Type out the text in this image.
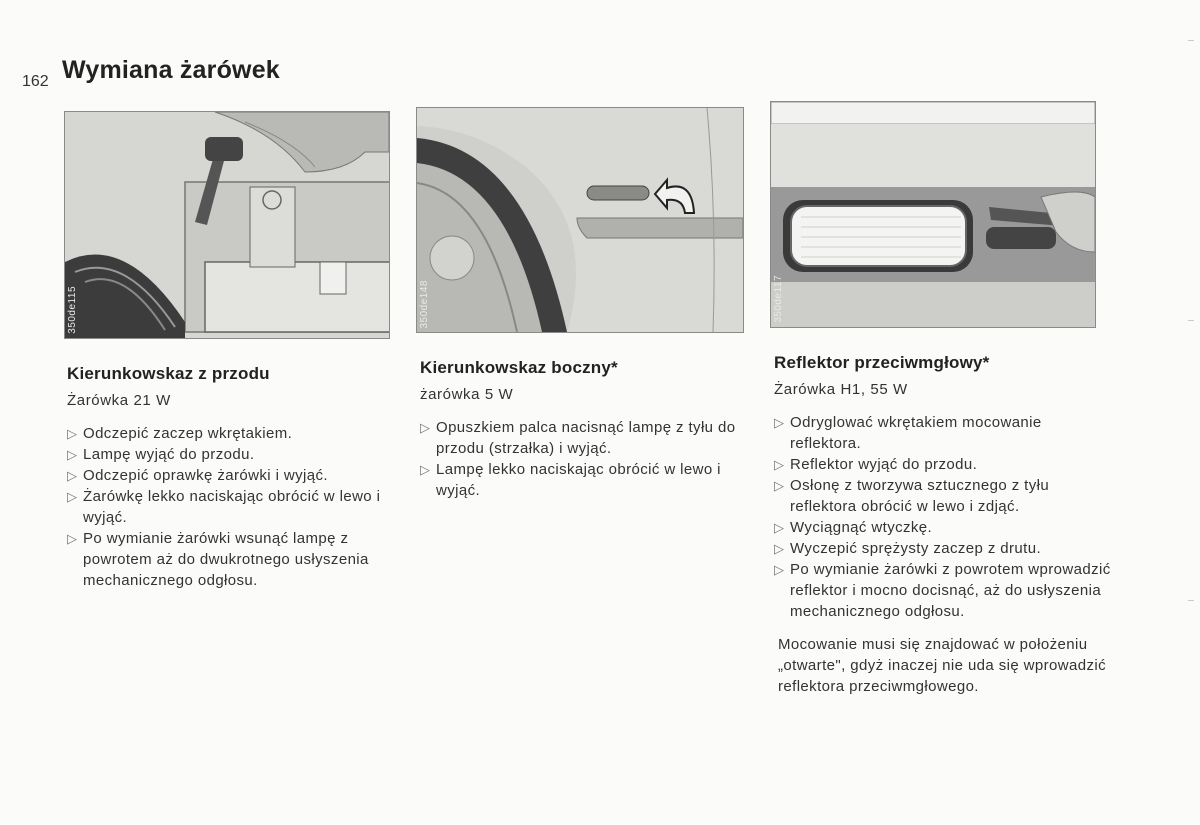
162 Wymiana żarówek
350de115	350de148	350de117
Kierunkowskaz z przodu

Żarówka 21 W

▷ Odczepić zaczep wkrętakiem.
▷ Lampę wyjąć do przodu.
▷ Odczepić oprawkę żarówki i wyjąć.
▷ Żarówkę lekko naciskając obrócić w lewo i wyjąć.
▷ Po wymianie żarówki wsunąć lampę z powrotem aż do dwukrotnego usłyszenia mechanicznego odgłosu.
Kierunkowskaz boczny*

żarówka 5 W

▷ Opuszkiem palca nacisnąć lampę z tyłu do przodu (strzałka) i wyjąć.
▷ Lampę lekko naciskając obrócić w lewo i wyjąć.
Reflektor przeciwmgłowy*

Żarówka H1, 55 W

▷ Odryglować wkrętakiem mocowanie reflektora.
▷ Reflektor wyjąć do przodu.
▷ Osłonę z tworzywa sztucznego z tyłu reflektora obrócić w lewo i zdjąć.
▷ Wyciągnąć wtyczkę.
▷ Wyczepić sprężysty zaczep z drutu.
▷ Po wymianie żarówki z powrotem wprowadzić reflektor i mocno docisnąć, aż do usłyszenia mechanicznego odgłosu.

Mocowanie musi się znajdować w położeniu „otwarte", gdyż inaczej nie uda się wprowadzić reflektora przeciwmgłowego.
